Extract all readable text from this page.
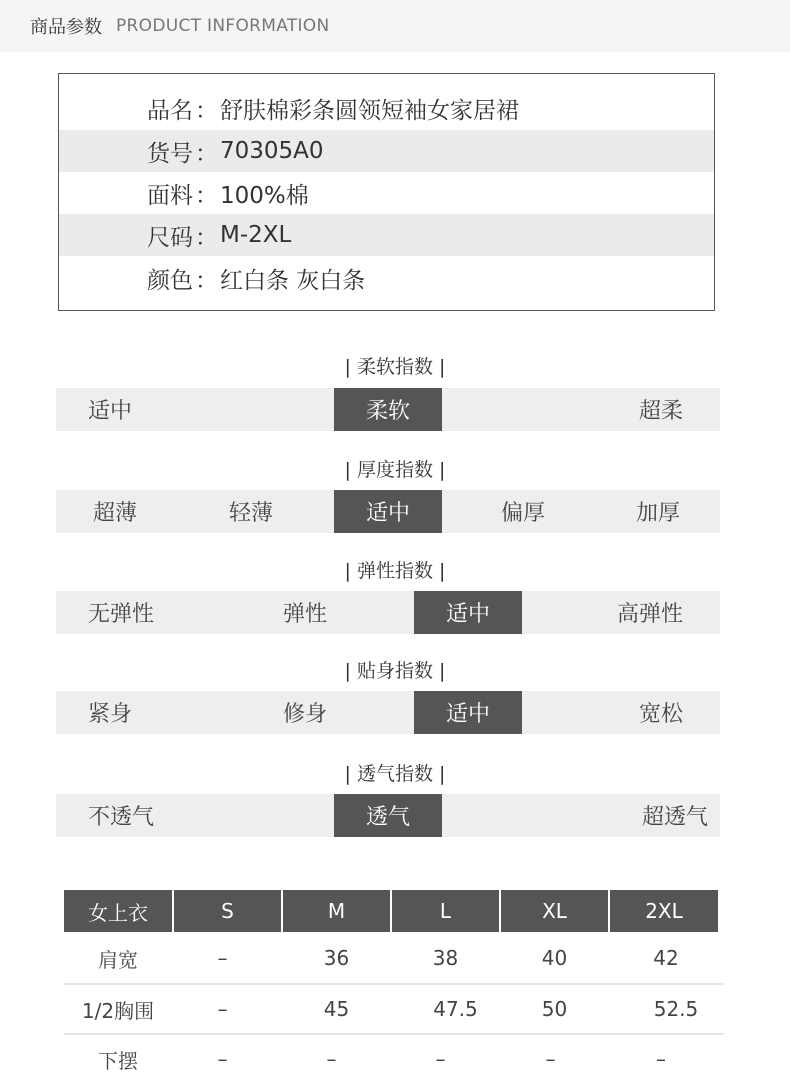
商品参数 PRODUCT INFORMATION
品名 ： 舒肤棉彩条圆领短袖女家居裙
货号 ： 70305A0
面料 ： 100%棉
尺码 ： M-2XL
颜色 ： 红白条 灰白条
| 柔软指数 |
适中	柔软	超柔
| 厚度指数 |
超薄	轻薄	适中	偏厚	加厚
| 弹性指数 |
无弹性	弹性	适中	高弹性
| 贴身指数 |
紧身	修身	适中	宽松
| 透气指数 |
不透气	透气	超透气
女上衣	S	M	L	XL	2XL
肩宽	–	36	38	40	42
1/2胸围	–	45	47.5	50	52.5
下摆	–	–	–	–	–
